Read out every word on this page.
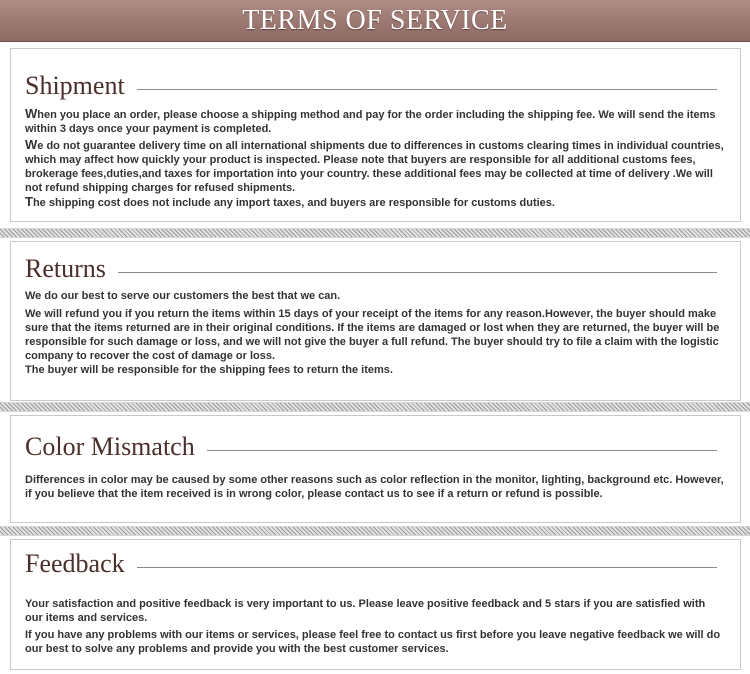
TERMS OF SERVICE
Shipment

When you place an order, please choose a shipping method and pay for the order including the shipping fee. We will send the items within 3 days once your payment is completed.

We do not guarantee delivery time on all international shipments due to differences in customs clearing times in individual countries, which may affect how quickly your product is inspected. Please note that buyers are responsible for all additional customs fees, brokerage fees,duties,and taxes for importation into your country. these additional fees may be collected at time of delivery .We will not refund shipping charges for refused shipments.

The shipping cost does not include any import taxes, and buyers are responsible for customs duties.

Returns

We do our best to serve our customers the best that we can.

We will refund you if you return the items within 15 days of your receipt of the items for any reason.However, the buyer should make sure that the items returned are in their original conditions. If the items are damaged or lost when they are returned, the buyer will be responsible for such damage or loss, and we will not give the buyer a full refund. The buyer should try to file a claim with the logistic company to recover the cost of damage or loss.

The buyer will be responsible for the shipping fees to return the items.

Color Mismatch

Differences in color may be caused by some other reasons such as color reflection in the monitor, lighting, background etc. However, if you believe that the item received is in wrong color, please contact us to see if a return or refund is possible.

Feedback

Your satisfaction and positive feedback is very important to us. Please leave positive feedback and 5 stars if you are satisfied with our items and services.

If you have any problems with our items or services, please feel free to contact us first before you leave negative feedback we will do our best to solve any problems and provide you with the best customer services.
